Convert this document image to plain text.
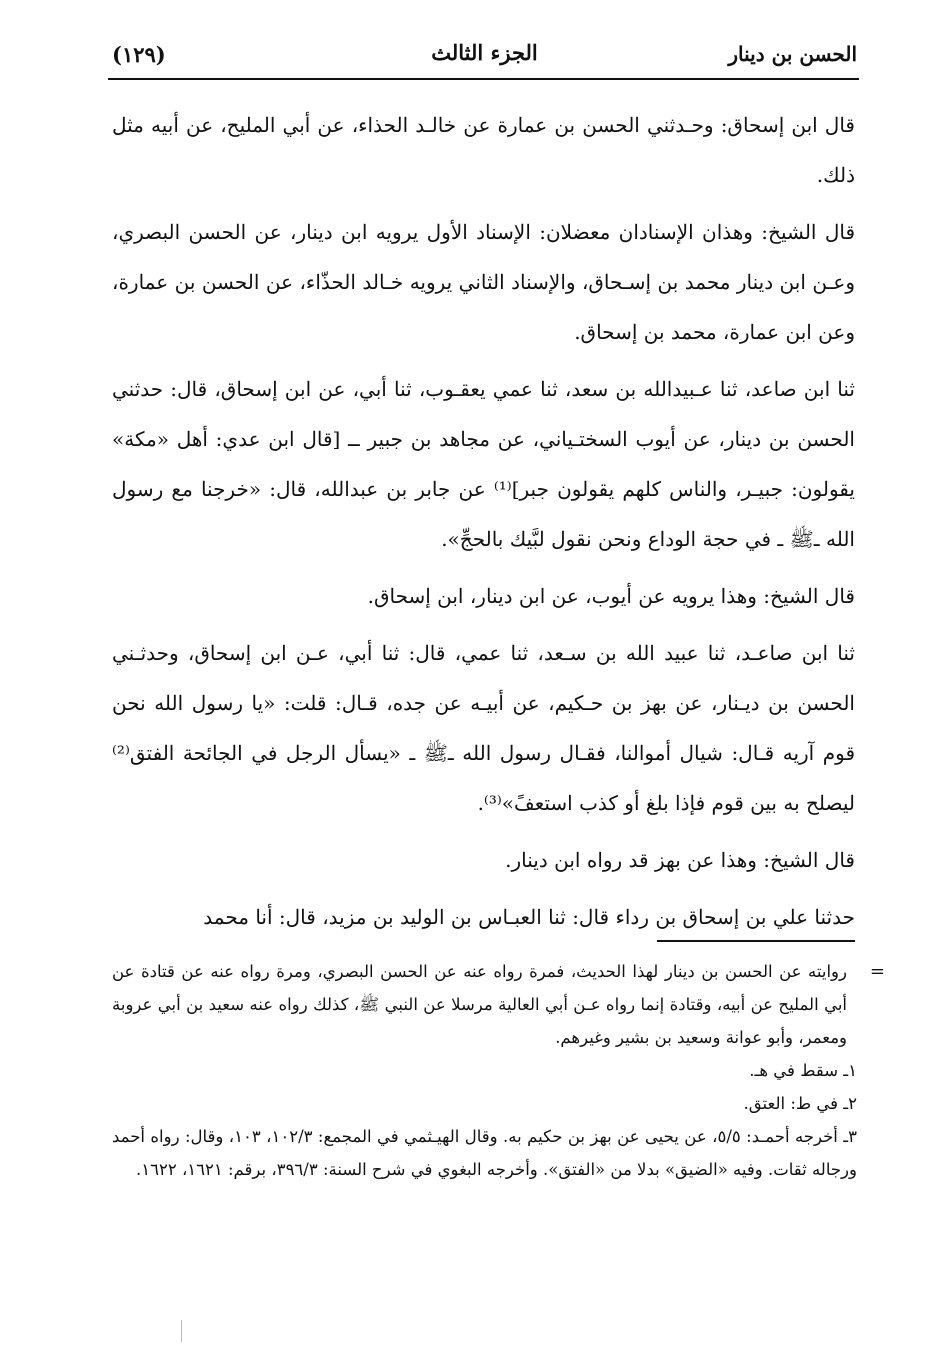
الحسن بن دينار
الجزء الثالث
(١٢٩)

قال ابن إسحاق: وحـدثني الحسن بن عمارة عن خالـد الحذاء، عن أبي المليح، عن أبيه مثل ذلك.

قال الشيخ: وهذان الإسنادان معضلان: الإسناد الأول يرويه ابن دينار، عن الحسن البصري، وعـن ابن دينار محمد بن إسـحاق، والإسناد الثاني يرويه خـالد الحذّاء، عن الحسن بن عمارة، وعن ابن عمارة، محمد بن إسحاق.

ثنا ابن صاعد، ثنا عـبيدالله بن سعد، ثنا عمي يعقـوب، ثنا أبي، عن ابن إسحاق، قال: حدثني الحسن بن دينار، عن أيوب السختـياني، عن مجاهد بن جبير ــ [قال ابن عدي: أهل «مكة» يقولون: جبيـر، والناس كلهم يقولون جبر]⁽¹⁾ عن جابر بن عبدالله، قال: «خرجنا مع رسول الله ـﷺ ـ في حجة الوداع ونحن نقول لبَّيك بالحجِّ».

قال الشيخ: وهذا يرويه عن أيوب، عن ابن دينار، ابن إسحاق.

ثنا ابن صاعـد، ثنا عبيد الله بن سـعد، ثنا عمي، قال: ثنا أبي، عـن ابن إسحاق، وحدثـني الحسن بن ديـنار، عن بهز بن حـكيم، عن أبيـه عن جده، قـال: قلت: «يا رسول الله نحن قوم آريه قـال: شيال أموالنا، فقـال رسول الله ـﷺ ـ «يسأل الرجل في الجائحة الفتق⁽²⁾ ليصلح به بين قوم فإذا بلغ أو كذب استعفً»⁽³⁾.

قال الشيخ: وهذا عن بهز قد رواه ابن دينار.

حدثنا علي بن إسحاق بن رداء قال: ثنا العبـاس بن الوليد بن مزيد، قال: أنا محمد

=
روايته عن الحسن بن دينار لهذا الحديث، فمرة رواه عنه عن الحسن البصري، ومرة رواه عنه عن قتادة عن أبي المليح عن أبيه، وقتادة إنما رواه عـن أبي العالية مرسلا عن النبي ﷺ، كذلك رواه عنه سعيد بن أبي عروبة ومعمر، وأبو عوانة وسعيد بن بشير وغيرهم.
١ـ سقط في هـ.
٢ـ في ط: العتق.
٣ـ أخرجه أحمـد: ٥/٥، عن يحيى عن بهز بن حكيم به. وقال الهيـثمي في المجمع: ١٠٢/٣، ١٠٣، وقال: رواه أحمد ورجاله ثقات. وفيه «الضيق» بدلا من «الفتق». وأخرجه البغوي في شرح السنة: ٣٩٦/٣، برقم: ١٦٢١، ١٦٢٢.
